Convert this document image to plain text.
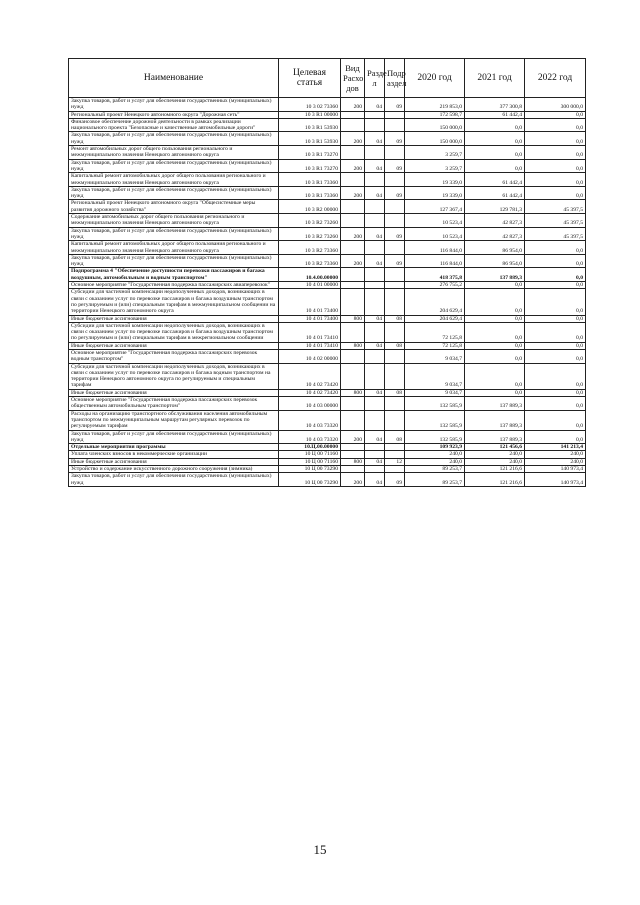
Наименование	Целевая статья	Вид Расхо дов	Разде л	Подр аздел	2020 год	2021 год	2022 год
Закупка товаров, работ и услуг для обеспечения государственных (муниципальных) нужд	10 3 02 73360	200	04	09	219 853,0	377 300,8	300 000,0
Региональный проект Ненецкого автономного округа "Дорожная сеть"	10 3 R1 00000				172 598,7	61 442,4	0,0
Финансовое обеспечение дорожной деятельности в рамках реализации национального проекта "Безопасные и качественные автомобильные дороги"	10 3 R1 53930				150 000,0	0,0	0,0
Закупка товаров, работ и услуг для обеспечения государственных (муниципальных) нужд	10 3 R1 53930	200	04	09	150 000,0	0,0	0,0
Ремонт автомобильных дорог общего пользования регионального и межмуниципального значения Ненецкого автономного округа	10 3 R1 73270				3 259,7	0,0	0,0
Закупка товаров, работ и услуг для обеспечения государственных (муниципальных) нужд	10 3 R1 73270	200	04	09	3 259,7	0,0	0,0
Капитальный ремонт автомобильных дорог общего пользования регионального и межмуниципального значения Ненецкого автономного округа	10 3 R1 73360				19 339,0	61 442,4	0,0
Закупка товаров, работ и услуг для обеспечения государственных (муниципальных) нужд	10 3 R1 73360	200	04	09	19 339,0	61 442,4	0,0
Региональный проект Ненецкого автономного округа "Общесистемные меры развития дорожного хозяйства"	10 3 R2 00000				127 367,4	129 781,3	45 397,5
Содержание автомобильных дорог общего пользования регионального и межмуниципального значения Ненецкого автономного округа	10 3 R2 73260				10 523,4	42 827,3	45 397,5
Закупка товаров, работ и услуг для обеспечения государственных (муниципальных) нужд	10 3 R2 73260	200	04	09	10 523,4	42 827,3	45 397,5
Капитальный ремонт автомобильных дорог общего пользования регионального и межмуниципального значения Ненецкого автономного округа	10 3 R2 73360				116 844,0	86 954,0	0,0
Закупка товаров, работ и услуг для обеспечения государственных (муниципальных) нужд	10 3 R2 73360	200	04	09	116 844,0	86 954,0	0,0
Подпрограмма 4 "Обеспечение доступности перевозки пассажиров и багажа воздушным, автомобильным и водным транспортом"	10.4.00.00000				418 375,8	137 889,3	0,0
Основное мероприятие "Государственная поддержка пассажирских авиаперевозок"	10 4 01 00000				276 755,2	0,0	0,0
Субсидии для частичной компенсации недополученных доходов, возникающих в связи с оказанием услуг по перевозке пассажиров и багажа воздушным транспортом по регулируемым и (или) специальным тарифам в межмуниципальном сообщении на территории Ненецкого автономного округа	10 4 01 73400				204 629,4	0,0	0,0
Иные бюджетные ассигнования	10 4 01 73400	800	04	08	204 629,4	0,0	0,0
Субсидии для частичной компенсации недополученных доходов, возникающих в связи с оказанием услуг по перевозке пассажиров и багажа воздушным транспортом по регулируемым и (или) специальным тарифам в межрегиональном сообщении	10 4 01 73410				72 125,8	0,0	0,0
Иные бюджетные ассигнования	10 4 01 73410	800	04	08	72 125,8	0,0	0,0
Основное мероприятие "Государственная поддержка пассажирских перевозок водным транспортом"	10 4 02 00000				9 034,7	0,0	0,0
Субсидии для частичной компенсации недополученных доходов, возникающих в связи с оказанием услуг по перевозке пассажиров и багажа водным транспортом на территории Ненецкого автономного округа по регулируемым и специальным тарифам	10 4 02 73420				9 034,7	0,0	0,0
Иные бюджетные ассигнования	10 4 02 73420	800	04	08	9 034,7	0,0	0,0
Основное мероприятие "Государственная поддержка пассажирских перевозок общественным автомобильным транспортом"	10 4 03 00000				132 585,9	137 889,3	0,0
Расходы на организацию транспортного обслуживания населения автомобильным транспортом по межмуниципальным маршрутам регулярных перевозок по регулируемым тарифам	10 4 03 73320				132 585,9	137 889,3	0,0
Закупка товаров, работ и услуг для обеспечения государственных (муниципальных) нужд	10 4 03 73320	200	04	08	132 585,9	137 889,3	0,0
Отдельные мероприятия программы	10.Ц.00.00000				109 923,9	121 456,6	141 213,4
Уплата членских взносов в некоммерческие организации	10 Ц 00 71160				240,0	240,0	240,0
Иные бюджетные ассигнования	10 Ц 00 71160	800	04	12	240,0	240,0	240,0
Устройство и содержание искусственного дорожного сооружения (зимника)	10 Ц 00 73290				89 253,7	121 216,6	140 973,4
Закупка товаров, работ и услуг для обеспечения государственных (муниципальных) нужд	10 Ц 00 73290	200	04	09	89 253,7	121 216,6	140 973,4
15
